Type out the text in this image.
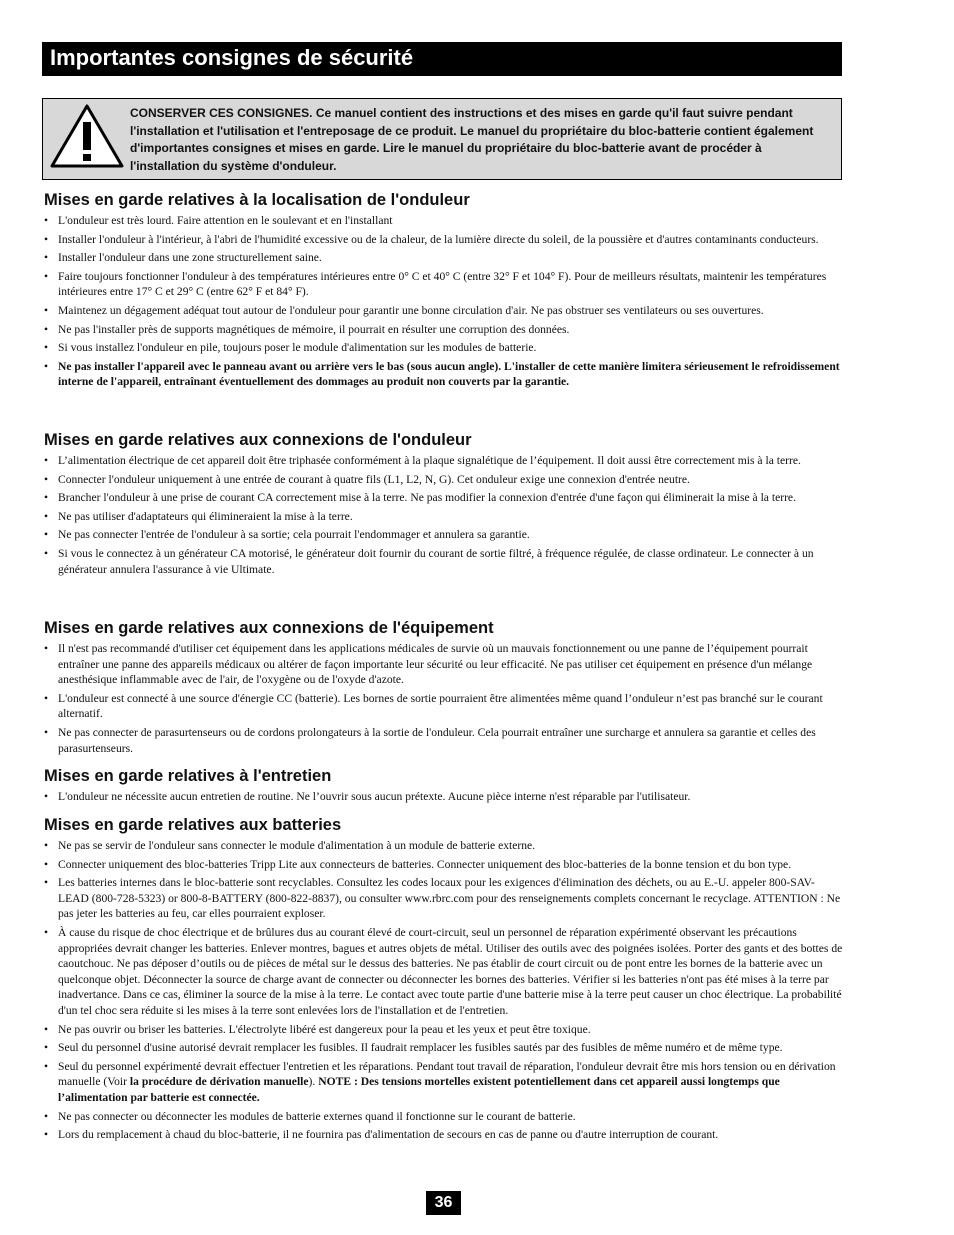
Importantes consignes de sécurité
CONSERVER CES CONSIGNES. Ce manuel contient des instructions et des mises en garde qu'il faut suivre pendant l'installation et l'utilisation et l'entreposage de ce produit. Le manuel du propriétaire du bloc-batterie contient également d'importantes consignes et mises en garde. Lire le manuel du propriétaire du bloc-batterie avant de procéder à l'installation du système d'onduleur.
Mises en garde relatives à la localisation de l'onduleur
• L'onduleur est très lourd. Faire attention en le soulevant et en l'installant
• Installer l'onduleur à l'intérieur, à l'abri de l'humidité excessive ou de la chaleur, de la lumière directe du soleil, de la poussière et d'autres contaminants conducteurs.
• Installer l'onduleur dans une zone structurellement saine.
• Faire toujours fonctionner l'onduleur à des températures intérieures entre 0° C et 40° C (entre 32° F et 104° F). Pour de meilleurs résultats, maintenir les températures intérieures entre 17° C et 29° C (entre 62° F et 84° F).
• Maintenez un dégagement adéquat tout autour de l'onduleur pour garantir une bonne circulation d'air. Ne pas obstruer ses ventilateurs ou ses ouvertures.
• Ne pas l'installer près de supports magnétiques de mémoire, il pourrait en résulter une corruption des données.
• Si vous installez l'onduleur en pile, toujours poser le module d'alimentation sur les modules de batterie.
• Ne pas installer l'appareil avec le panneau avant ou arrière vers le bas (sous aucun angle). L'installer de cette manière limitera sérieusement le refroidissement interne de l'appareil, entraînant éventuellement des dommages au produit non couverts par la garantie.
Mises en garde relatives aux connexions de l'onduleur
• L’alimentation électrique de cet appareil doit être triphasée conformément à la plaque signalétique de l’équipement. Il doit aussi être correctement mis à la terre.
• Connecter l'onduleur uniquement à une entrée de courant à quatre fils (L1, L2, N, G). Cet onduleur exige une connexion d'entrée neutre.
• Brancher l'onduleur à une prise de courant CA correctement mise à la terre. Ne pas modifier la connexion d'entrée d'une façon qui éliminerait la mise à la terre.
• Ne pas utiliser d'adaptateurs qui élimineraient la mise à la terre.
• Ne pas connecter l'entrée de l'onduleur à sa sortie; cela pourrait l'endommager et annulera sa garantie.
• Si vous le connectez à un générateur CA motorisé, le générateur doit fournir du courant de sortie filtré, à fréquence régulée, de classe ordinateur. Le connecter à un générateur annulera l'assurance à vie Ultimate.
Mises en garde relatives aux connexions de l'équipement
• Il n'est pas recommandé d'utiliser cet équipement dans les applications médicales de survie où un mauvais fonctionnement ou une panne de l’équipement pourrait entraîner une panne des appareils médicaux ou altérer de façon importante leur sécurité ou leur efficacité. Ne pas utiliser cet équipement en présence d'un mélange anesthésique inflammable avec de l'air, de l'oxygène ou de l'oxyde d'azote.
• L'onduleur est connecté à une source d'énergie CC (batterie). Les bornes de sortie pourraient être alimentées même quand l’onduleur n’est pas branché sur le courant alternatif.
• Ne pas connecter de parasurtenseurs ou de cordons prolongateurs à la sortie de l'onduleur. Cela pourrait entraîner une surcharge et annulera sa garantie et celles des parasurtenseurs.
Mises en garde relatives à l'entretien
• L'onduleur ne nécessite aucun entretien de routine. Ne l’ouvrir sous aucun prétexte. Aucune pièce interne n'est réparable par l'utilisateur.
Mises en garde relatives aux batteries
• Ne pas se servir de l'onduleur sans connecter le module d'alimentation à un module de batterie externe.
• Connecter uniquement des bloc-batteries Tripp Lite aux connecteurs de batteries. Connecter uniquement des bloc-batteries de la bonne tension et du bon type.
• Les batteries internes dans le bloc-batterie sont recyclables. Consultez les codes locaux pour les exigences d'élimination des déchets, ou au E.-U. appeler 800-SAV-LEAD (800-728-5323) or 800-8-BATTERY (800-822-8837), ou consulter www.rbrc.com pour des renseignements complets concernant le recyclage. ATTENTION : Ne pas jeter les batteries au feu, car elles pourraient exploser.
• À cause du risque de choc électrique et de brûlures dus au courant élevé de court-circuit, seul un personnel de réparation expérimenté observant les précautions appropriées devrait changer les batteries. Enlever montres, bagues et autres objets de métal. Utiliser des outils avec des poignées isolées. Porter des gants et des bottes de caoutchouc. Ne pas déposer d’outils ou de pièces de métal sur le dessus des batteries. Ne pas établir de court circuit ou de pont entre les bornes de la batterie avec un quelconque objet. Déconnecter la source de charge avant de connecter ou déconnecter les bornes des batteries. Vérifier si les batteries n'ont pas été mises à la terre par inadvertance. Dans ce cas, éliminer la source de la mise à la terre. Le contact avec toute partie d'une batterie mise à la terre peut causer un choc électrique. La probabilité d'un tel choc sera réduite si les mises à la terre sont enlevées lors de l'installation et de l'entretien.
• Ne pas ouvrir ou briser les batteries. L'électrolyte libéré est dangereux pour la peau et les yeux et peut être toxique.
• Seul du personnel d'usine autorisé devrait remplacer les fusibles. Il faudrait remplacer les fusibles sautés par des fusibles de même numéro et de même type.
• Seul du personnel expérimenté devrait effectuer l'entretien et les réparations. Pendant tout travail de réparation, l'onduleur devrait être mis hors tension ou en dérivation manuelle (Voir la procédure de dérivation manuelle). NOTE : Des tensions mortelles existent potentiellement dans cet appareil aussi longtemps que l’alimentation par batterie est connectée.
• Ne pas connecter ou déconnecter les modules de batterie externes quand il fonctionne sur le courant de batterie.
• Lors du remplacement à chaud du bloc-batterie, il ne fournira pas d'alimentation de secours en cas de panne ou d'autre interruption de courant.
36
